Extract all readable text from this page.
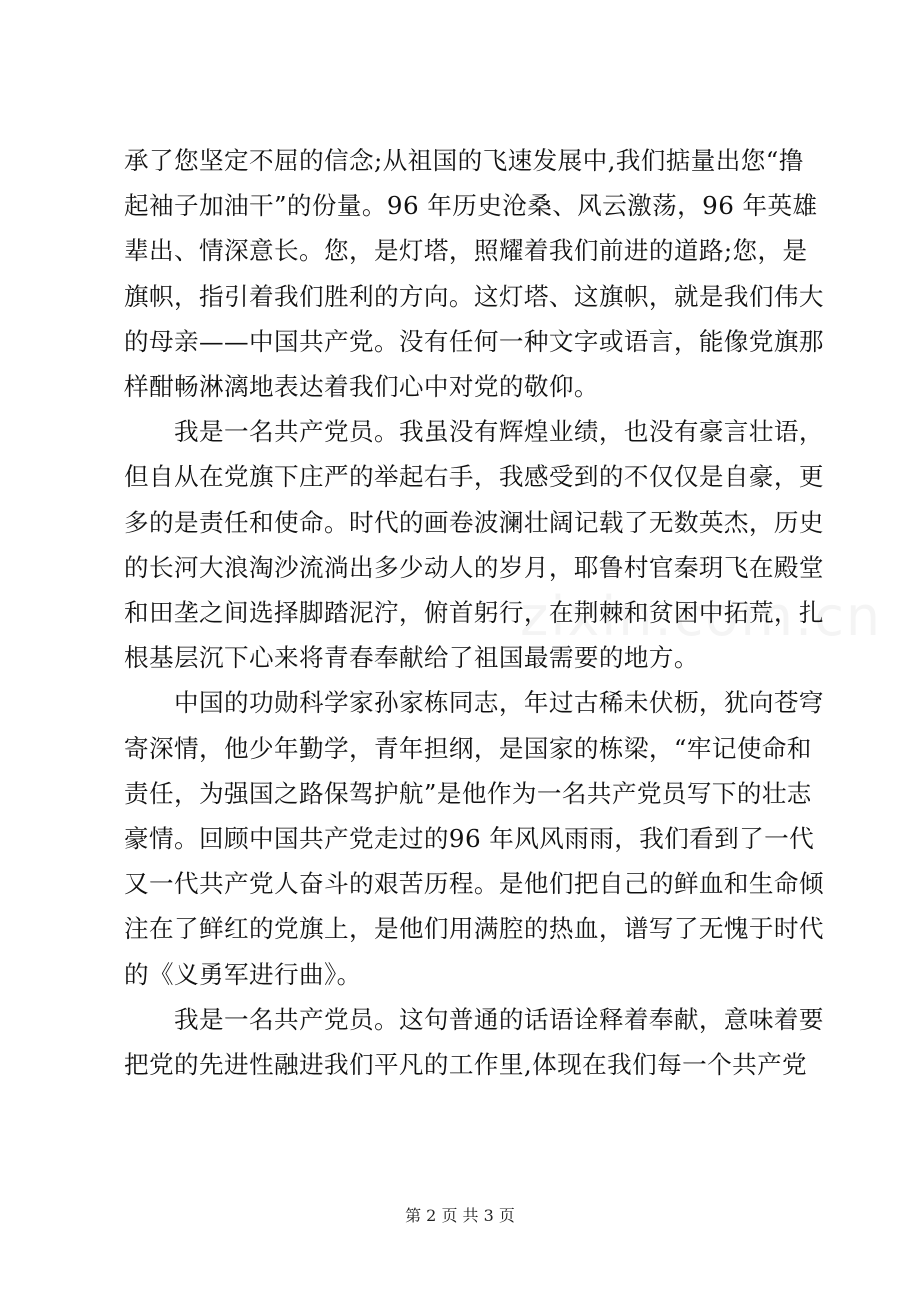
承了您坚定不屈的信念;从祖国的飞速发展中,我们掂量出您“撸
起袖子加油干”的份量。96 年历史沧桑、风云激荡，96 年英雄
辈出、情深意长。您，是灯塔，照耀着我们前进的道路;您，是
旗帜，指引着我们胜利的方向。这灯塔、这旗帜，就是我们伟大
的母亲——中国共产党。没有任何一种文字或语言，能像党旗那
样酣畅淋漓地表达着我们心中对党的敬仰。

我是一名共产党员。我虽没有辉煌业绩，也没有豪言壮语，
但自从在党旗下庄严的举起右手，我感受到的不仅仅是自豪，更
多的是责任和使命。时代的画卷波澜壮阔记载了无数英杰，历史
的长河大浪淘沙流淌出多少动人的岁月，耶鲁村官秦玥飞在殿堂
和田垄之间选择脚踏泥泞，俯首躬行，在荆棘和贫困中拓荒，扎
根基层沉下心来将青春奉献给了祖国最需要的地方。

中国的功勋科学家孙家栋同志，年过古稀未伏枥，犹向苍穹
寄深情，他少年勤学，青年担纲，是国家的栋梁，“牢记使命和
责任，为强国之路保驾护航”是他作为一名共产党员写下的壮志
豪情。回顾中国共产党走过的96 年风风雨雨，我们看到了一代
又一代共产党人奋斗的艰苦历程。是他们把自己的鲜血和生命倾
注在了鲜红的党旗上，是他们用满腔的热血，谱写了无愧于时代
的《义勇军进行曲》。

我是一名共产党员。这句普通的话语诠释着奉献，意味着要
把党的先进性融进我们平凡的工作里,体现在我们每一个共产党

第 2 页 共 3 页
